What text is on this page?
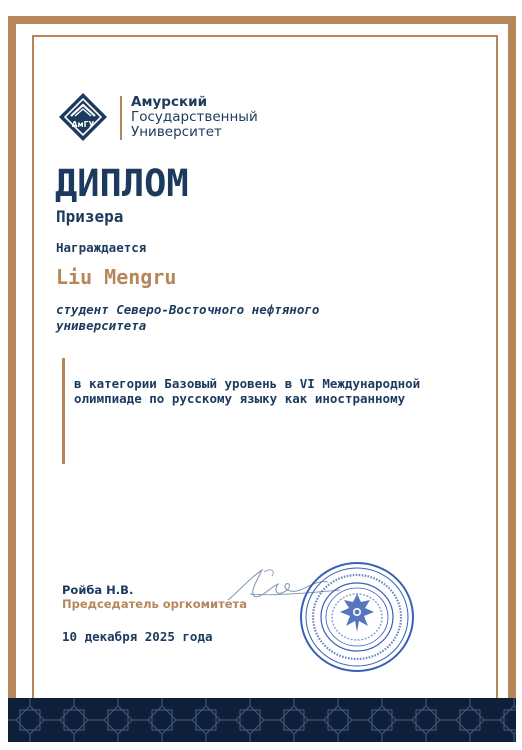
АмГУ
Амурский
Государственный
Университет
ДИПЛОМ
Призера
Награждается
Liu Mengru
студент Северо-Восточного нефтяного университета
в категории Базовый уровень в VI Международной олимпиаде по русскому языку как иностранному
Ройба Н.В.
Председатель оргкомитета
10 декабря 2025 года
